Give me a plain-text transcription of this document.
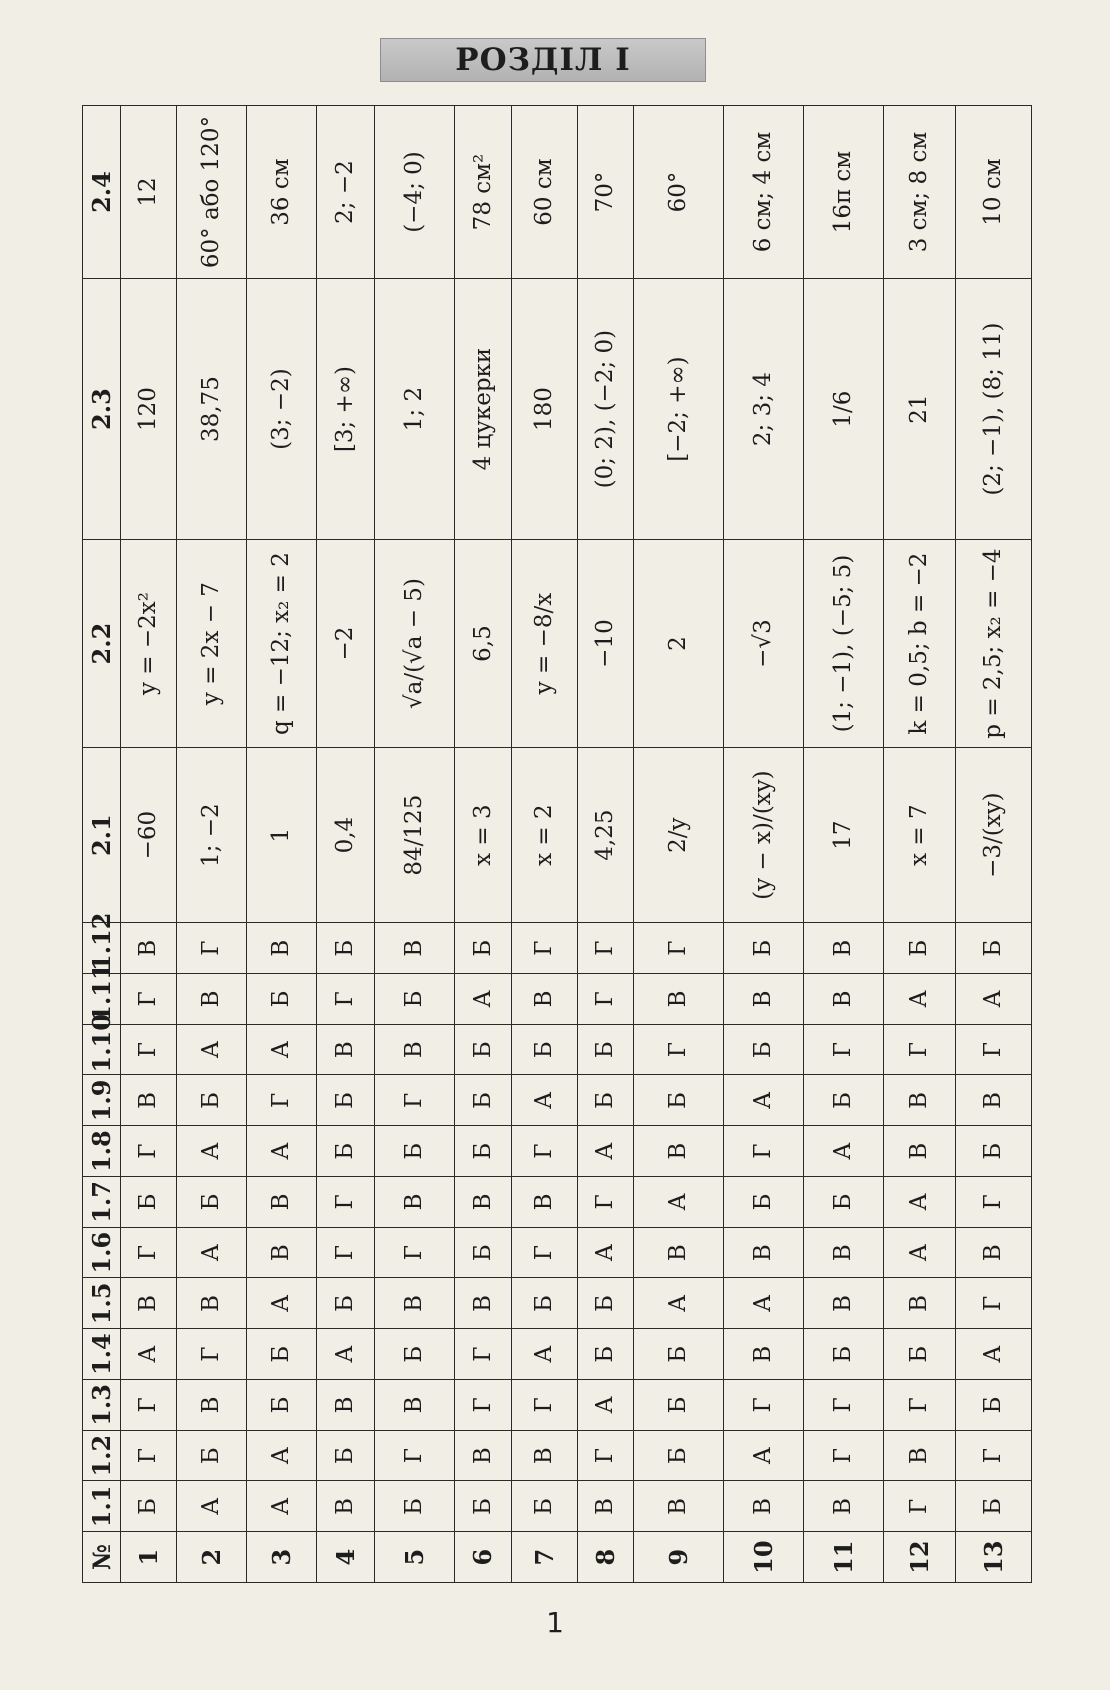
РОЗДІЛ І
№	1.1	1.2	1.3	1.4	1.5	1.6	1.7	1.8	1.9	1.10	1.11	1.12	2.1	2.2	2.3	2.4
1	Б	Г	Г	А	В	Г	Б	Г	В	Г	Г	В	−60	y = −2x²	120	12
2	А	Б	В	Г	В	А	Б	А	Б	А	В	Г	1; −2	y = 2x − 7	38,75	60° або 120°
3	А	А	Б	Б	А	В	В	А	Г	А	Б	В	1	q = −12; x₂ = 2	(3; −2)	36 см
4	В	Б	В	А	Б	Г	Г	Б	Б	В	Г	Б	0,4	−2	[3; +∞)	2; −2
5	Б	Г	В	Б	В	Г	В	Б	Г	В	Б	В	84/125	√a/(√a − 5)	1; 2	(−4; 0)
6	Б	В	Г	Г	В	Б	В	Б	Б	Б	А	Б	x = 3	6,5	4 цукерки	78 см²
7	Б	В	Г	А	Б	Г	В	Г	А	Б	В	Г	x = 2	y = −8/x	180	60 см
8	В	Г	А	Б	Б	А	Г	А	Б	Б	Г	Г	4,25	−10	(0; 2), (−2; 0)	70°
9	В	Б	Б	Б	А	В	А	В	Б	Г	В	Г	2/y	2	[−2; +∞)	60°
10	В	А	Г	В	А	В	Б	Г	А	Б	В	Б	(y − x)/(xy)	−√3	2; 3; 4	6 см; 4 см
11	В	Г	Г	Б	В	В	Б	А	Б	Г	В	В	17	(1; −1), (−5; 5)	1/6	16π см
12	Г	В	Г	Б	В	А	А	В	В	Г	А	Б	x = 7	k = 0,5; b = −2	21	3 см; 8 см
13	Б	Г	Б	А	Г	В	Г	Б	В	Г	А	Б	−3/(xy)	p = 2,5; x₂ = −4	(2; −1), (8; 11)	10 см
1
